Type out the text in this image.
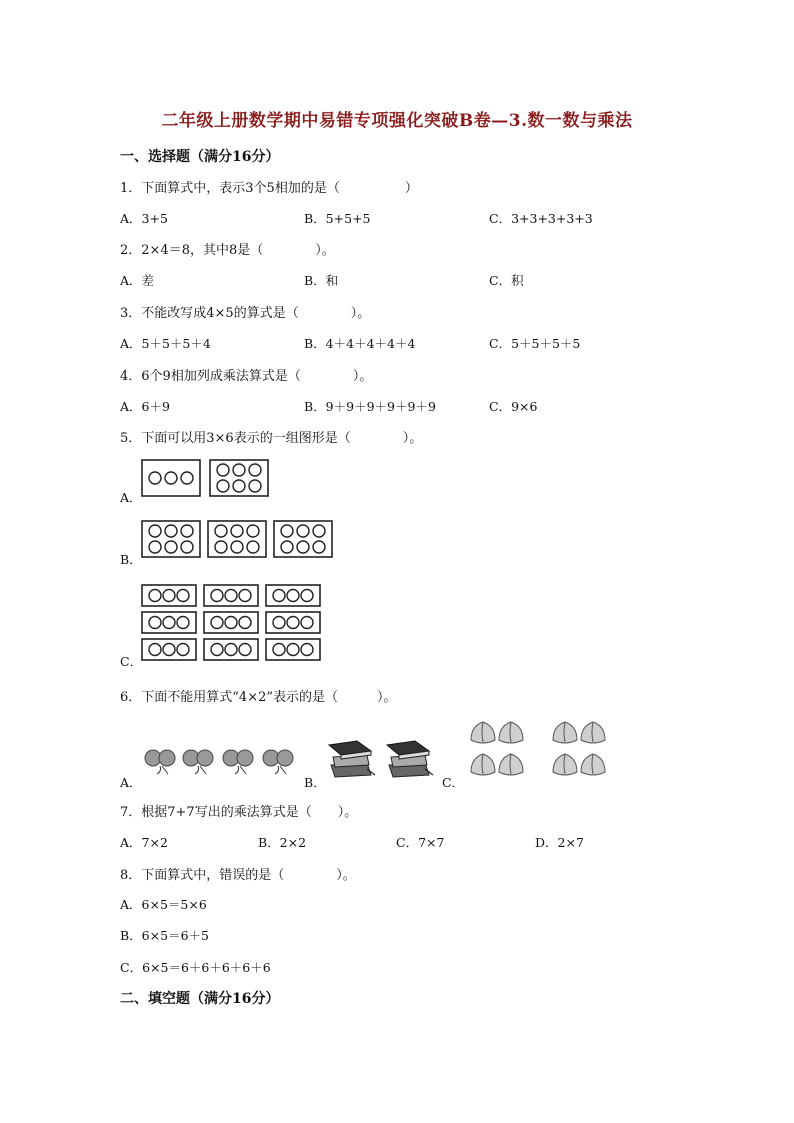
二年级上册数学期中易错专项强化突破B卷—3.数一数与乘法
一、选择题（满分16分）
1．下面算式中，表示3个5相加的是（　　　　　）
A．3+5	B．5+5+5	C．3+3+3+3+3
2．2×4＝8，其中8是（　　　　）。
A．差	B．和	C．积
3．不能改写成4×5的算式是（　　　　）。
A．5＋5＋5＋4	B．4＋4＋4＋4＋4	C．5＋5＋5＋5
4．6个9相加列成乘法算式是（　　　　）。
A．6＋9	B．9＋9＋9＋9＋9＋9	C．9×6
5．下面可以用3×6表示的一组图形是（　　　　）。
A．
B．
C．
6．下面不能用算式“4×2”表示的是（　　　）。
A．	B．	C．
7．根据7+7写出的乘法算式是（　　）。
A．7×2	B．2×2	C．7×7	D．2×7
8．下面算式中，错误的是（　　　　）。
A．6×5＝5×6
B．6×5＝6＋5
C．6×5＝6＋6＋6＋6＋6
二、填空题（满分16分）
